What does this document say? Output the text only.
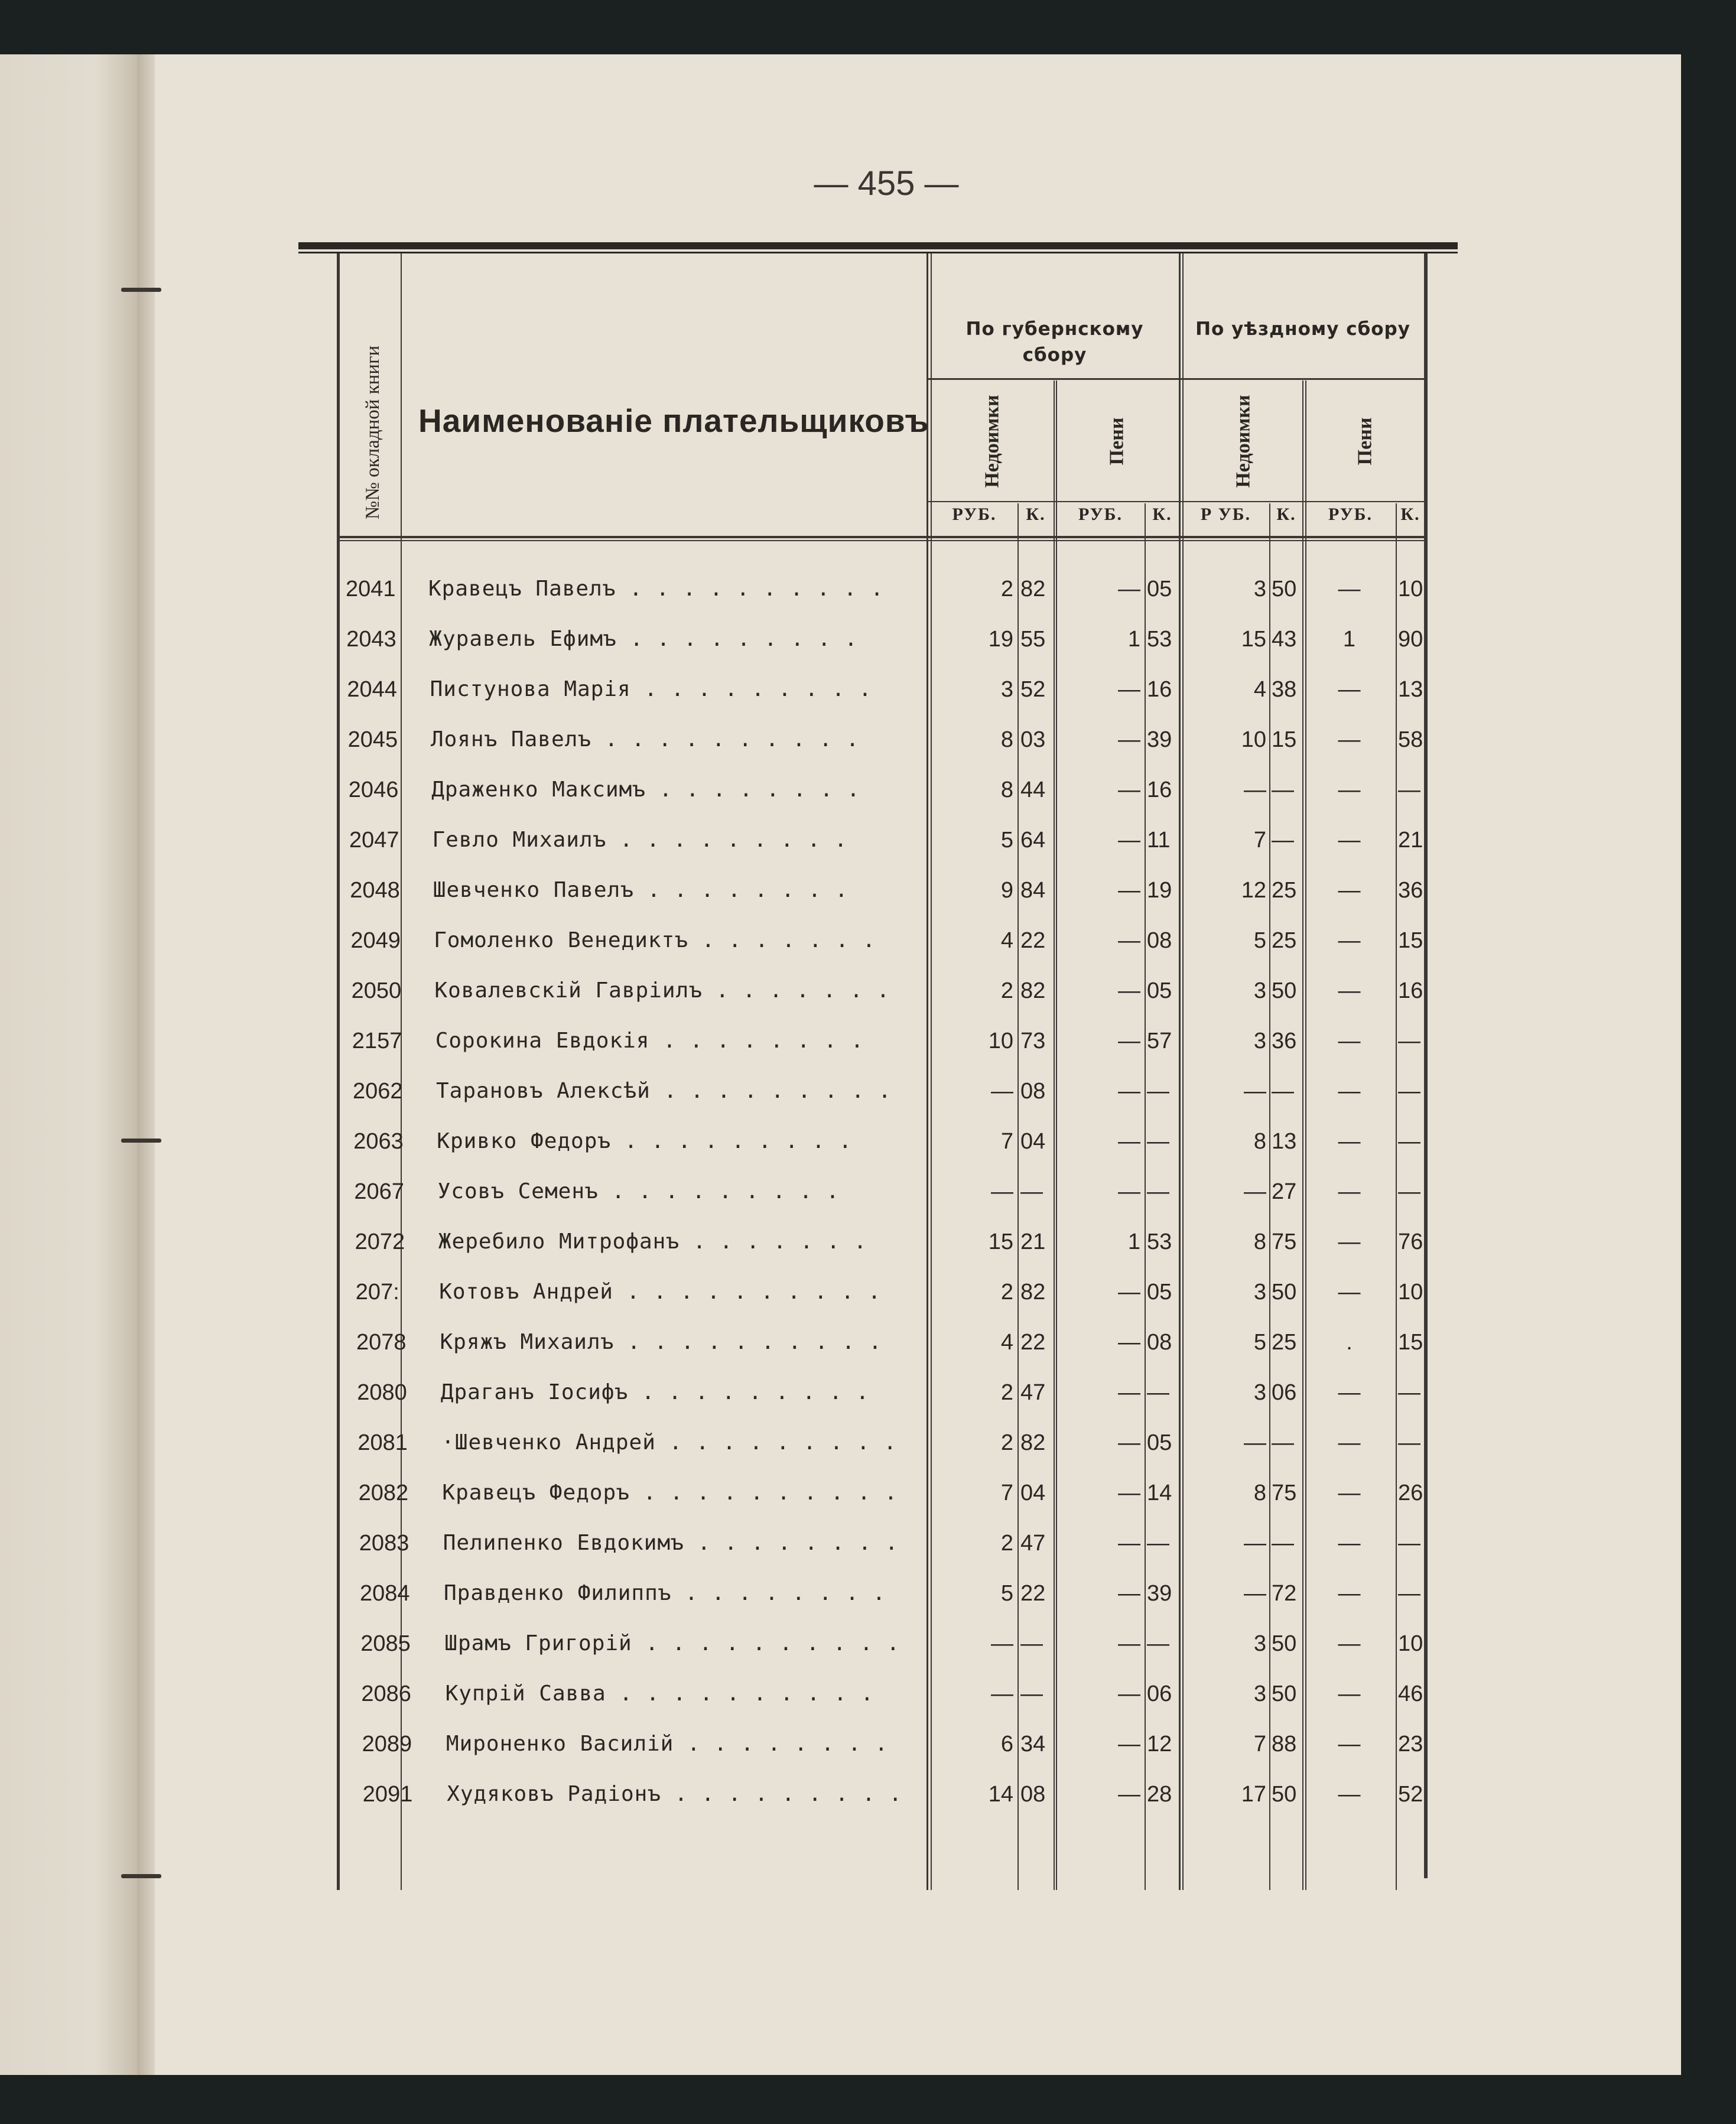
— 455 —
№№ окладной книги Наименованіе плательщиковъ
По губернскому сбору
По уѣздному сбору
Недоимки	Пени	Недоимки	Пени
РУБ.	К.	РУБ.	К.	Р УБ.	К.	РУБ.	К.
2041	Кравецъ Павелъ . . . . . . . . . .	2 82	— 05	3 50	—	10
2043	Журавель Ефимъ . . . . . . . . .	19 55	1 53	15 43	1	90
2044	Пистунова Марія . . . . . . . . .	3 52	— 16	4 38	—	13
2045	Лоянъ Павелъ . . . . . . . . . .	8 03	— 39	10 15	—	58
2046	Драженко Максимъ . . . . . . . .	8 44	— 16	— —	—	—
2047	Гевло Михаилъ . . . . . . . . .	5 64	— 11	7 —	—	21
2048	Шевченко Павелъ . . . . . . . .	9 84	— 19	12 25	—	36
2049	Гомоленко Венедиктъ . . . . . . .	4 22	— 08	5 25	—	15
2050	Ковалевскій Гавріилъ . . . . . . .	2 82	— 05	3 50	—	16
2157	Сорокина Евдокія . . . . . . . .	10 73	— 57	3 36	—	—
2062	Тарановъ Алексѣй . . . . . . . . .	— 08	— —	— —	—	—
2063	Кривко Федоръ . . . . . . . . .	7 04	— —	8 13	—	—
2067	Усовъ Семенъ . . . . . . . . .	— —	— —	— 27	—	—
2072	Жеребило Митрофанъ . . . . . . .	15 21	1 53	8 75	—	76
207:	Котовъ Андрей . . . . . . . . . .	2 82	— 05	3 50	—	10
2078	Кряжъ Михаилъ . . . . . . . . . .	4 22	— 08	5 25	.	15
2080	Драганъ Іосифъ . . . . . . . . .	2 47	— —	3 06	—	—
2081	·Шевченко Андрей . . . . . . . . .	2 82	— 05	— —	—	—
2082	Кравецъ Федоръ . . . . . . . . . .	7 04	— 14	8 75	—	26
2083	Пелипенко Евдокимъ . . . . . . . .	2 47	— —	— —	—	—
2084	Правденко Филиппъ . . . . . . . .	5 22	— 39	— 72	—	—
2085	Шрамъ Григорій . . . . . . . . . .	— —	— —	3 50	—	10
2086	Купрій Савва . . . . . . . . . .	— —	— 06	3 50	—	46
2089	Мироненко Василій . . . . . . . .	6 34	— 12	7 88	—	23
2091	Худяковъ Радіонъ . . . . . . . . .	14 08	— 28	17 50	—	52
